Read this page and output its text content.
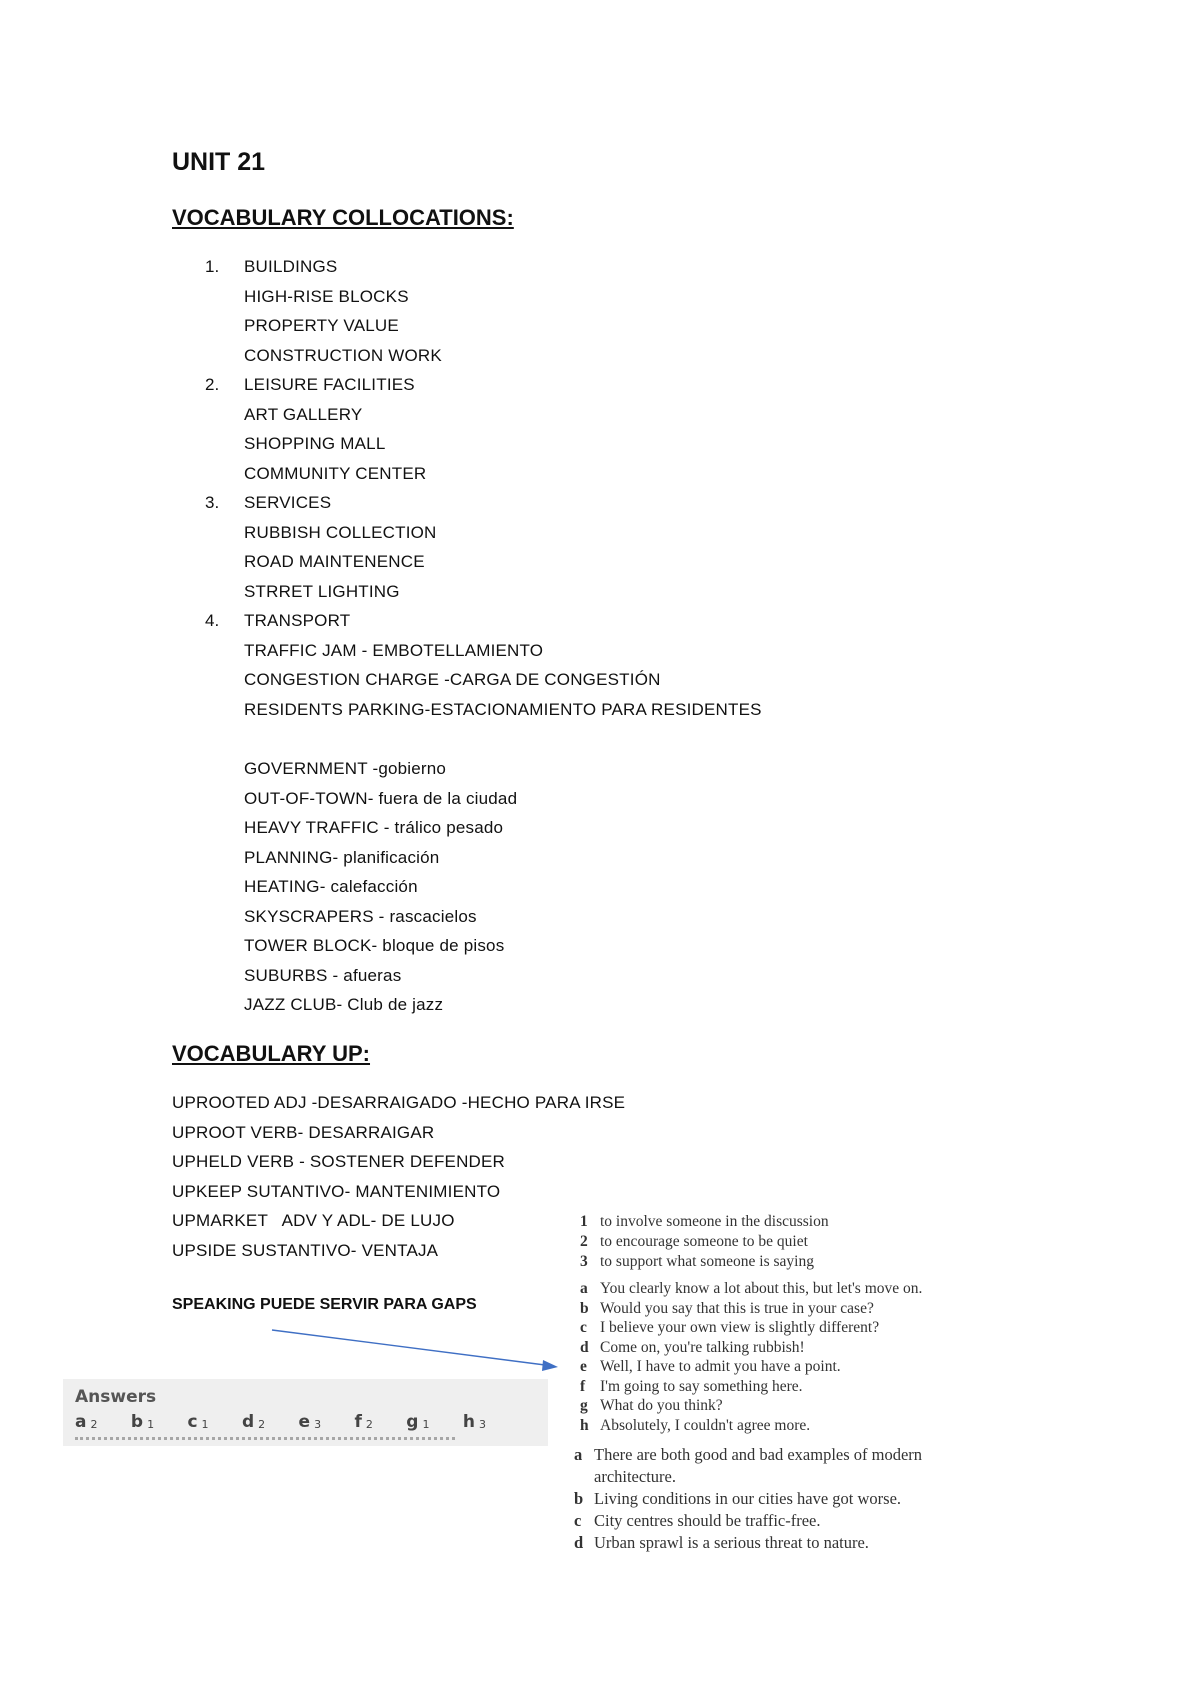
UNIT 21
VOCABULARY COLLOCATIONS:
1. BUILDINGS
HIGH-RISE BLOCKS
PROPERTY VALUE
CONSTRUCTION WORK
2. LEISURE FACILITIES
ART GALLERY
SHOPPING MALL
COMMUNITY CENTER
3. SERVICES
RUBBISH COLLECTION
ROAD MAINTENENCE
STRRET LIGHTING
4. TRANSPORT
TRAFFIC JAM - EMBOTELLAMIENTO
CONGESTION CHARGE -CARGA DE CONGESTIÓN
RESIDENTS PARKING-ESTACIONAMIENTO PARA RESIDENTES
GOVERNMENT -gobierno
OUT-OF-TOWN- fuera de la ciudad
HEAVY TRAFFIC - trálico pesado
PLANNING- planificación
HEATING- calefacción
SKYSCRAPERS - rascacielos
TOWER BLOCK- bloque de pisos
SUBURBS - afueras
JAZZ CLUB- Club de jazz
VOCABULARY UP:
UPROOTED ADJ -DESARRAIGADO -HECHO PARA IRSE
UPROOT VERB- DESARRAIGAR
UPHELD VERB - SOSTENER DEFENDER
UPKEEP SUTANTIVO- MANTENIMIENTO
UPMARKET   ADV Y ADL- DE LUJO
UPSIDE SUSTANTIVO- VENTAJA
SPEAKING PUEDE SERVIR PARA GAPS
Answers
a $_2$ b $_1$ c $_1$ d $_2$ e $_3$ f $_2$ g $_1$ h $_3$
1 to involve someone in the discussion
2 to encourage someone to be quiet
3 to support what someone is saying
a You clearly know a lot about this, but let's move on.
b Would you say that this is true in your case?
c I believe your own view is slightly different?
d Come on, you're talking rubbish!
e Well, I have to admit you have a point.
f I'm going to say something here.
g What do you think?
h Absolutely, I couldn't agree more.
a There are both good and bad examples of modern
architecture.
b Living conditions in our cities have got worse.
c City centres should be traffic-free.
d Urban sprawl is a serious threat to nature.
